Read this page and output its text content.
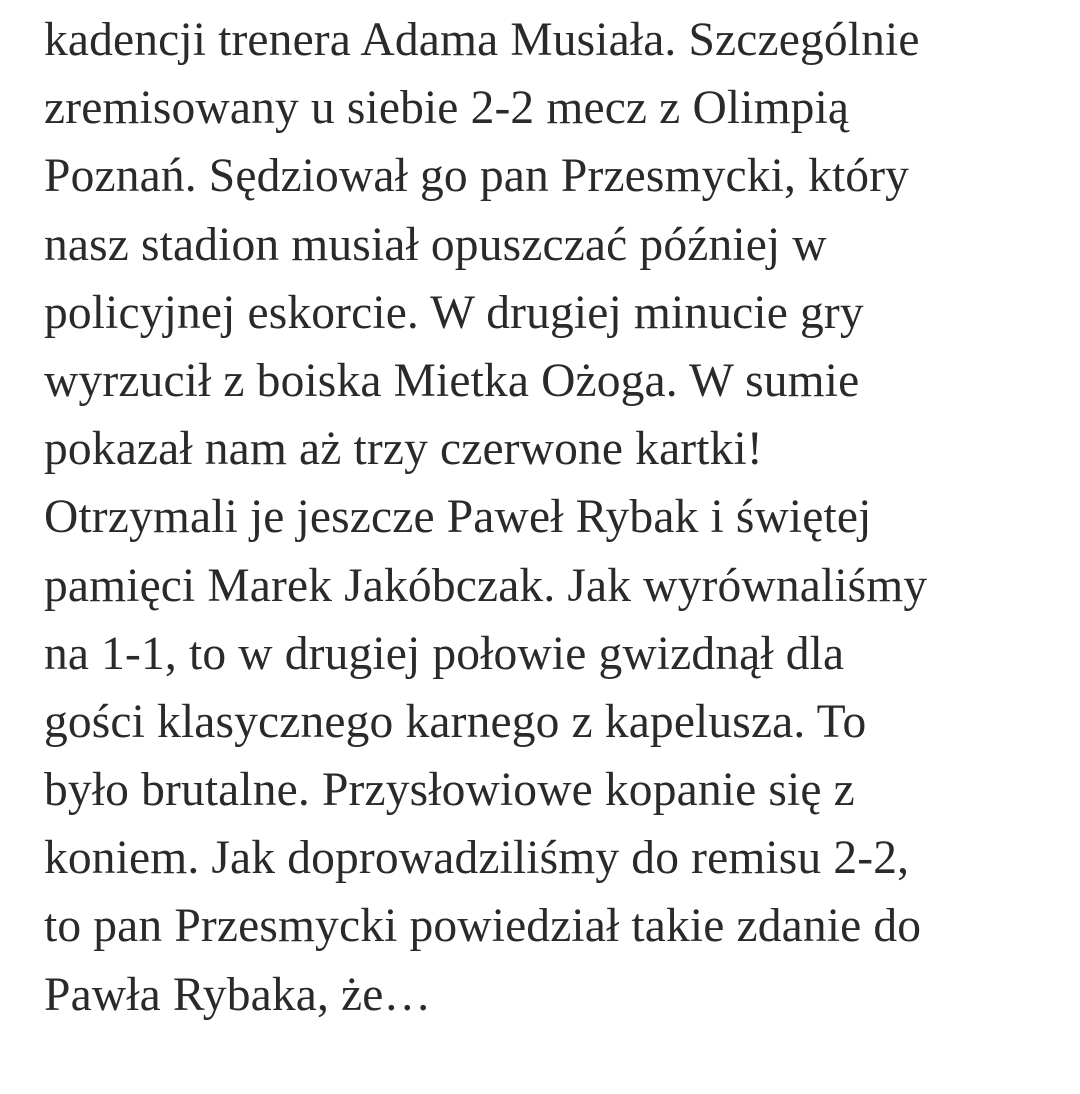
kadencji trenera Adama Musiała. Szczególnie
zremisowany u siebie 2-2 mecz z Olimpią
Poznań. Sędziował go pan Przesmycki, który
nasz stadion musiał opuszczać później w
policyjnej eskorcie. W drugiej minucie gry
wyrzucił z boiska Mietka Ożoga. W sumie
pokazał nam aż trzy czerwone kartki!
Otrzymali je jeszcze Paweł Rybak i świętej
pamięci Marek Jakóbczak. Jak wyrównaliśmy
na 1-1, to w drugiej połowie gwizdnął dla
gości klasycznego karnego z kapelusza. To
było brutalne. Przysłowiowe kopanie się z
koniem. Jak doprowadziliśmy do remisu 2-2,
to pan Przesmycki powiedział takie zdanie do
Pawła Rybaka, że…
